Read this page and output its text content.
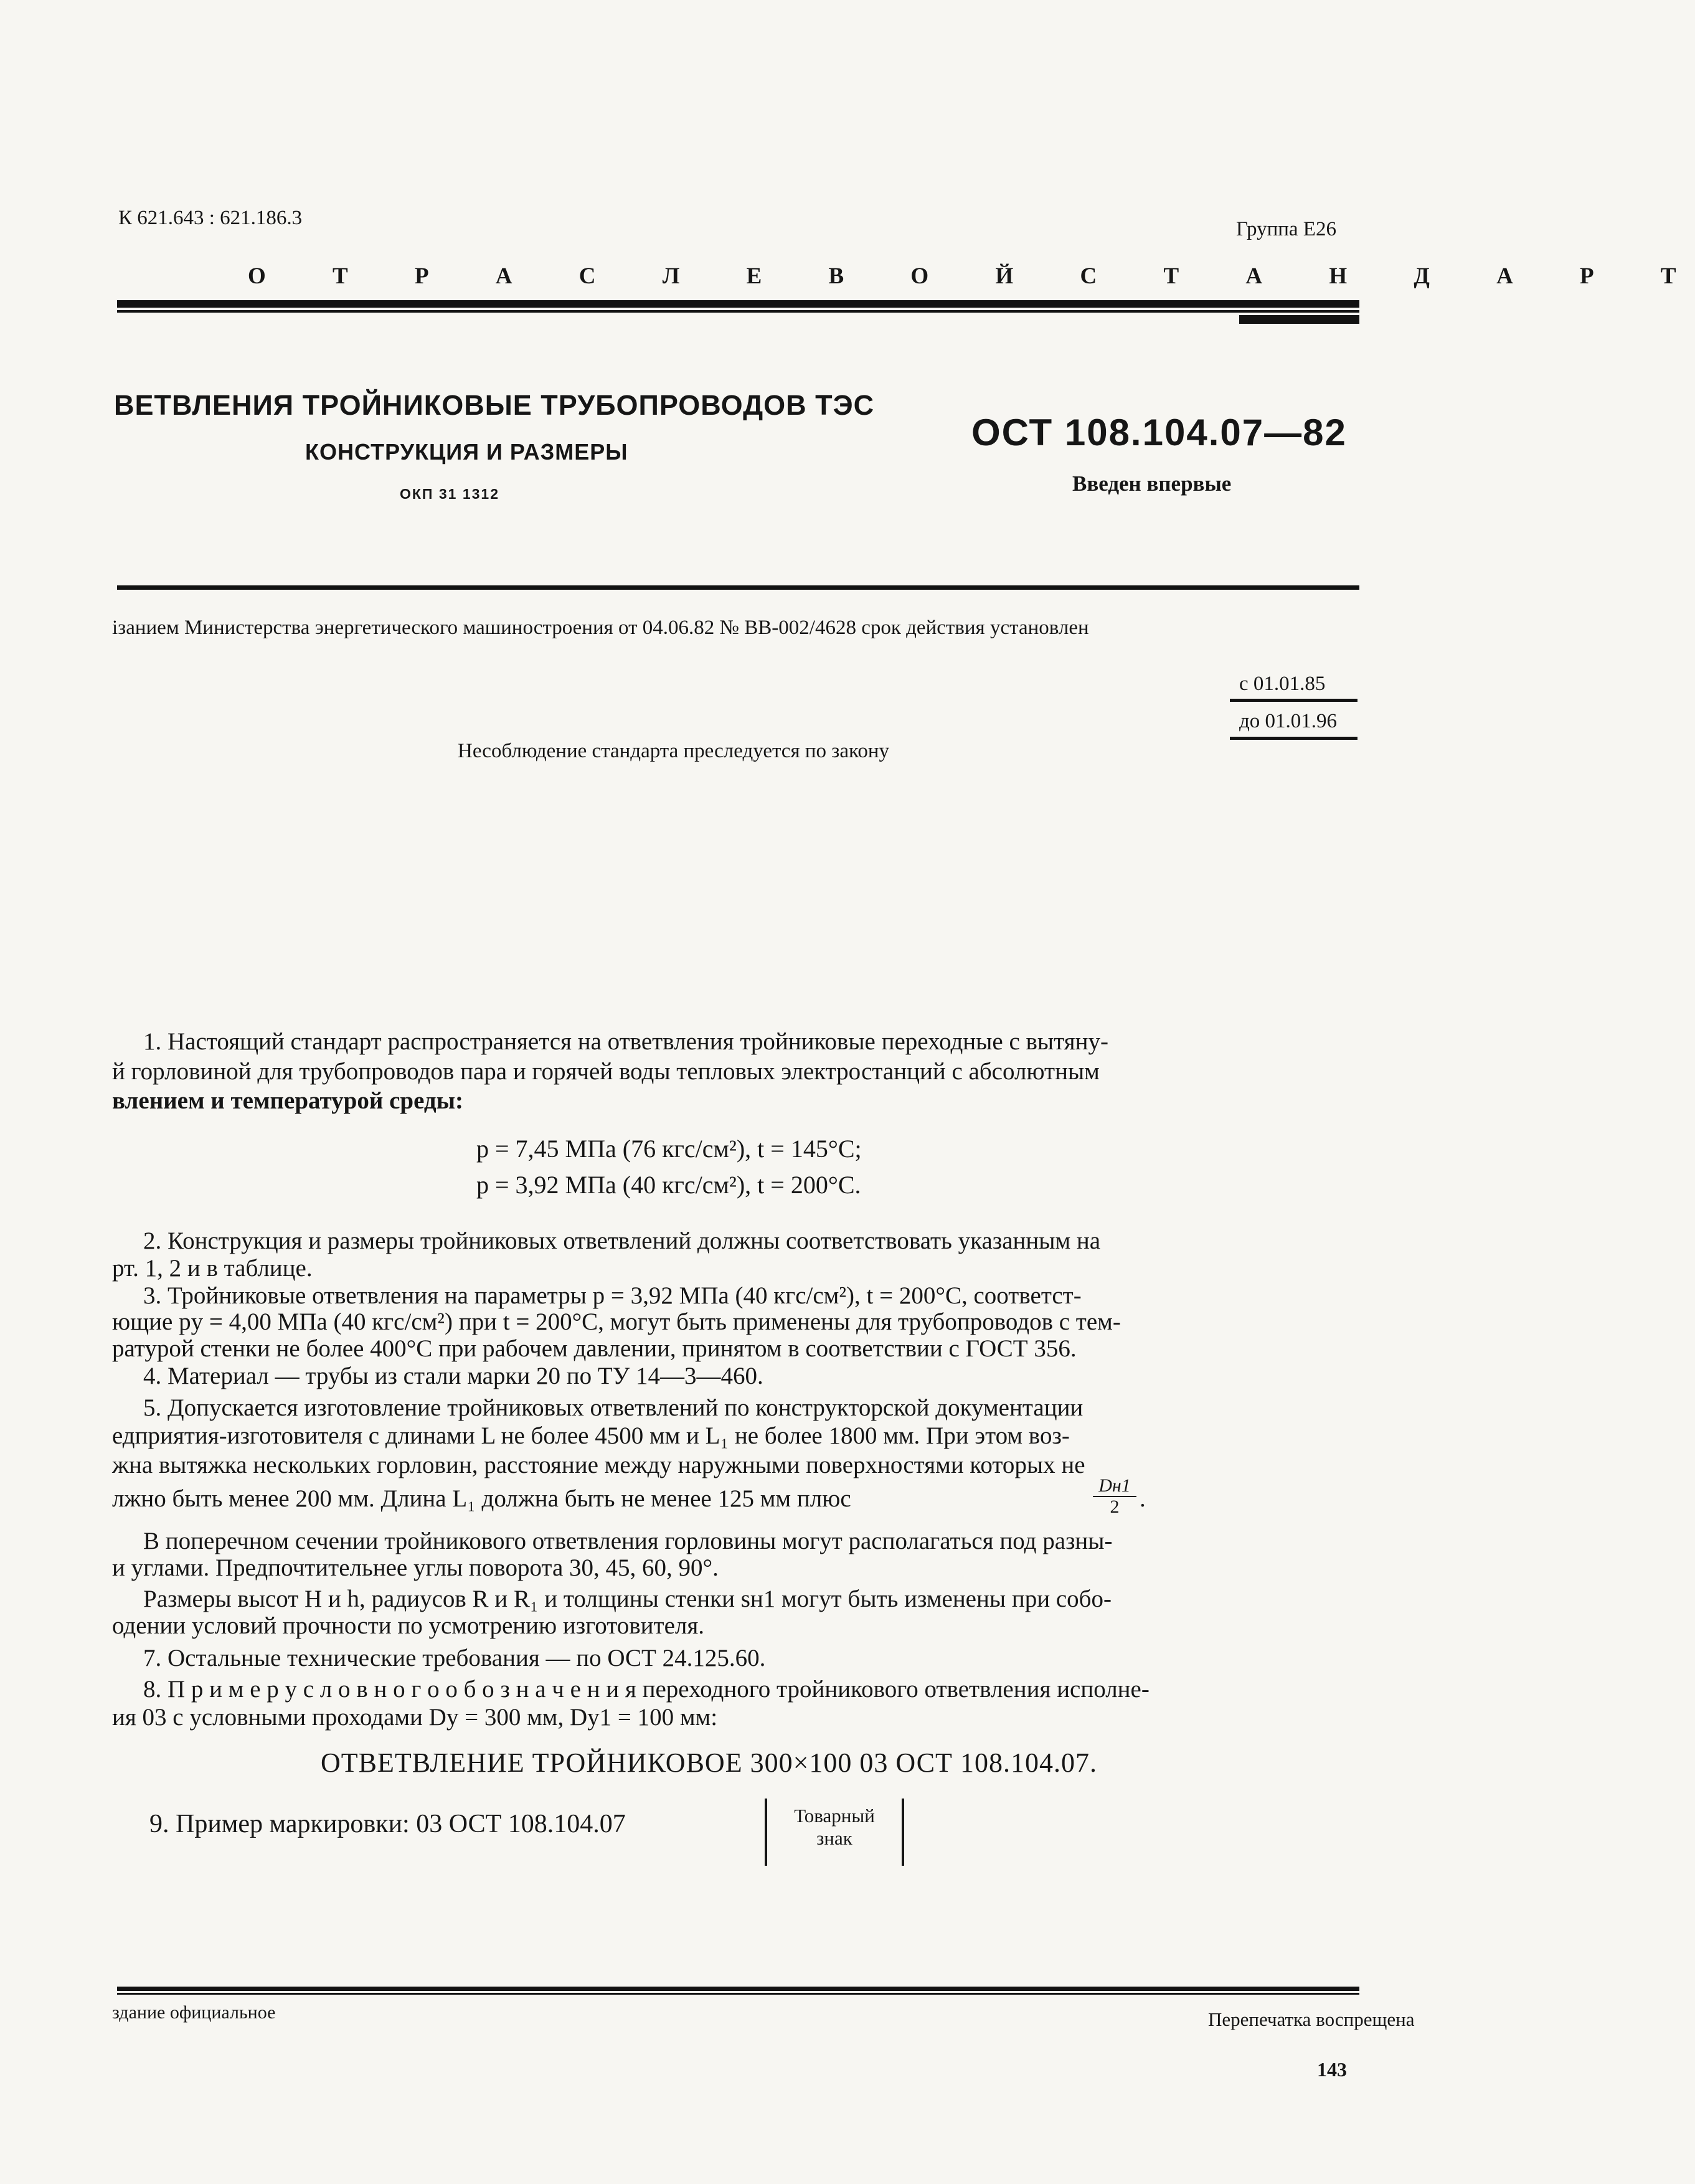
К 621.643 : 621.186.3	Группа Е26
О Т Р А С Л Е В О Й С Т А Н Д А Р Т
ВЕТВЛЕНИЯ ТРОЙНИКОВЫЕ ТРУБОПРОВОДОВ ТЭС
КОНСТРУКЦИЯ И РАЗМЕРЫ
ОКП 31 1312
ОСТ 108.104.07—82
Введен впервые
ізанием Министерства энергетического машиностроения от 04.06.82 № ВВ-002/4628 срок действия установлен
с 01.01.85
до 01.01.96
Несоблюдение стандарта преследуется по закону
1. Настоящий стандарт распространяется на ответвления тройниковые переходные с вытяну-
й горловиной для трубопроводов пара и горячей воды тепловых электростанций с абсолютным
влением и температурой среды:
p = 7,45 МПа (76 кгс/см²), t = 145°С;
p = 3,92 МПа (40 кгс/см²), t = 200°С.
2. Конструкция и размеры тройниковых ответвлений должны соответствовать указанным на
рт. 1, 2 и в таблице.
3. Тройниковые ответвления на параметры p = 3,92 МПа (40 кгс/см²), t = 200°С, соответст-
ющие pу = 4,00 МПа (40 кгс/см²) при t = 200°С, могут быть применены для трубопроводов с тем-
ратурой стенки не более 400°С при рабочем давлении, принятом в соответствии с ГОСТ 356.
4. Материал — трубы из стали марки 20 по ТУ 14—3—460.
5. Допускается изготовление тройниковых ответвлений по конструкторской документации
едприятия-изготовителя с длинами L не более 4500 мм и L₁ не более 1800 мм. При этом воз-
жна вытяжка нескольких горловин, расстояние между наружными поверхностями которых не
лжно быть менее 200 мм. Длина L₁ должна быть не менее 125 мм плюс	Dн1
2 .
В поперечном сечении тройникового ответвления горловины могут располагаться под разны-
и углами. Предпочтительнее углы поворота 30, 45, 60, 90°.
Размеры высот H и h, радиусов R и R₁ и толщины стенки sн1 могут быть изменены при собо-
одении условий прочности по усмотрению изготовителя.
7. Остальные технические требования — по ОСТ 24.125.60.
8. П р и м е р у с л о в н о г о о б о з н а ч е н и я переходного тройникового ответвления исполне-
ия 03 с условными проходами Dу = 300 мм, Dу1 = 100 мм:
ОТВЕТВЛЕНИЕ ТРОЙНИКОВОЕ 300×100 03 ОСТ 108.104.07.
9. Пример маркировки: 03 ОСТ 108.104.07	Товарный
знак
здание официальное	Перепечатка воспрещена
143
